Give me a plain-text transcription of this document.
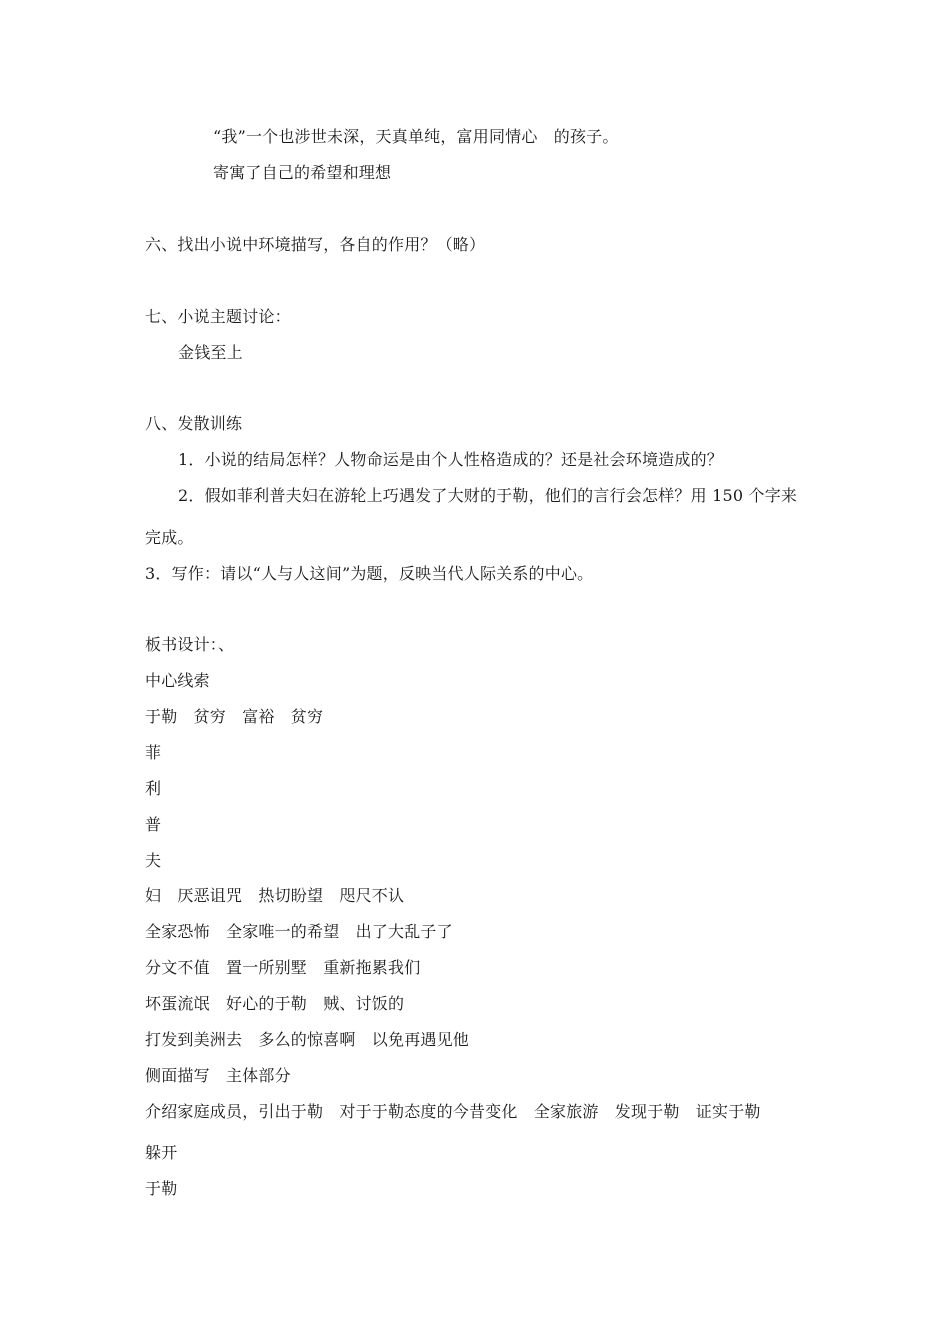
“我”一个也涉世未深，天真单纯，富用同情心　的孩子。
寄寓了自己的希望和理想
六、找出小说中环境描写，各自的作用？（略）
七、小说主题讨论：
金钱至上
八、发散训练
1．小说的结局怎样？人物命运是由个人性格造成的？还是社会环境造成的？
2．假如菲利普夫妇在游轮上巧遇发了大财的于勒，他们的言行会怎样？用 150 个字来
完成。
3．写作：请以“人与人这间”为题，反映当代人际关系的中心。
板书设计：、
中心线索
于勒　贫穷　富裕　贫穷
菲
利
普
夫
妇　厌恶诅咒　热切盼望　咫尺不认
全家恐怖　全家唯一的希望　出了大乱子了
分文不值　置一所别墅　重新拖累我们
坏蛋流氓　好心的于勒　贼、讨饭的
打发到美洲去　多么的惊喜啊　以免再遇见他
侧面描写　主体部分
介绍家庭成员，引出于勒　对于于勒态度的今昔变化　全家旅游　发现于勒　证实于勒
躲开
于勒
